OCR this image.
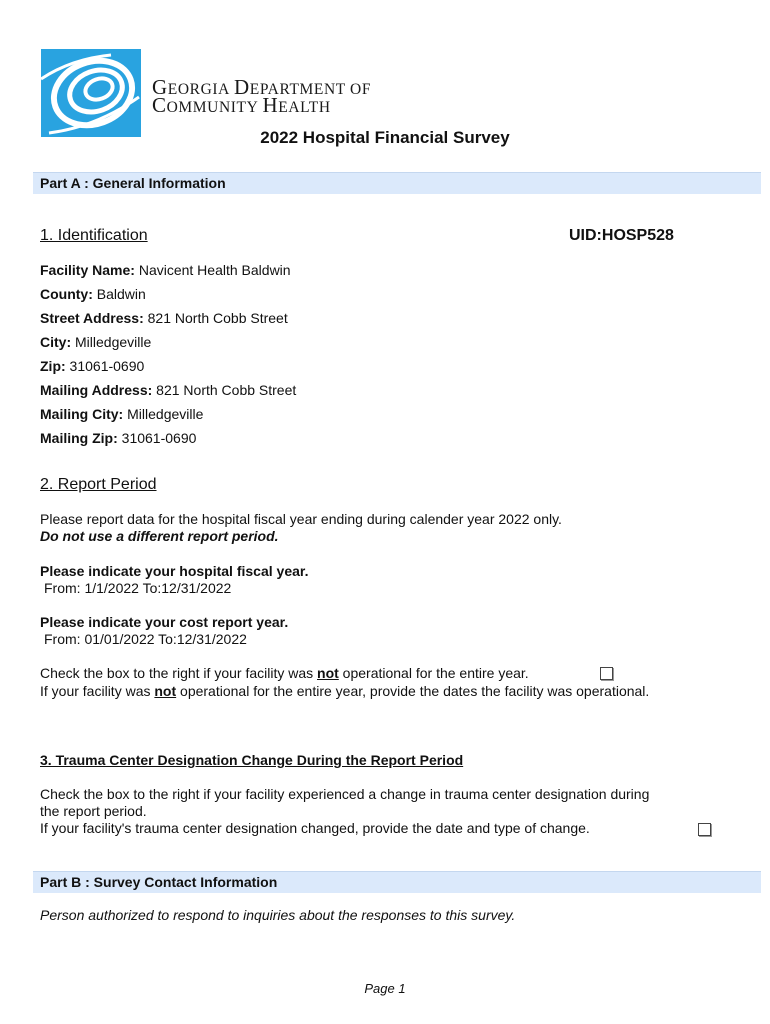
GEORGIA DEPARTMENT OF
COMMUNITY HEALTH
2022 Hospital Financial Survey
Part A : General Information
1. Identification	UID:HOSP528
Facility Name: Navicent Health Baldwin
County: Baldwin
Street Address: 821 North Cobb Street
City: Milledgeville
Zip: 31061-0690
Mailing Address: 821 North Cobb Street
Mailing City: Milledgeville
Mailing Zip: 31061-0690
2. Report Period
Please report data for the hospital fiscal year ending during calender year 2022 only.
Do not use a different report period.
Please indicate your hospital fiscal year.
From: 1/1/2022 To:12/31/2022
Please indicate your cost report year.
From: 01/01/2022 To:12/31/2022
Check the box to the right if your facility was not operational for the entire year.
If your facility was not operational for the entire year, provide the dates the facility was operational.
3. Trauma Center Designation Change During the Report Period
Check the box to the right if your facility experienced a change in trauma center designation during
the report period.
If your facility's trauma center designation changed, provide the date and type of change.
Part B : Survey Contact Information
Person authorized to respond to inquiries about the responses to this survey.
Page 1
